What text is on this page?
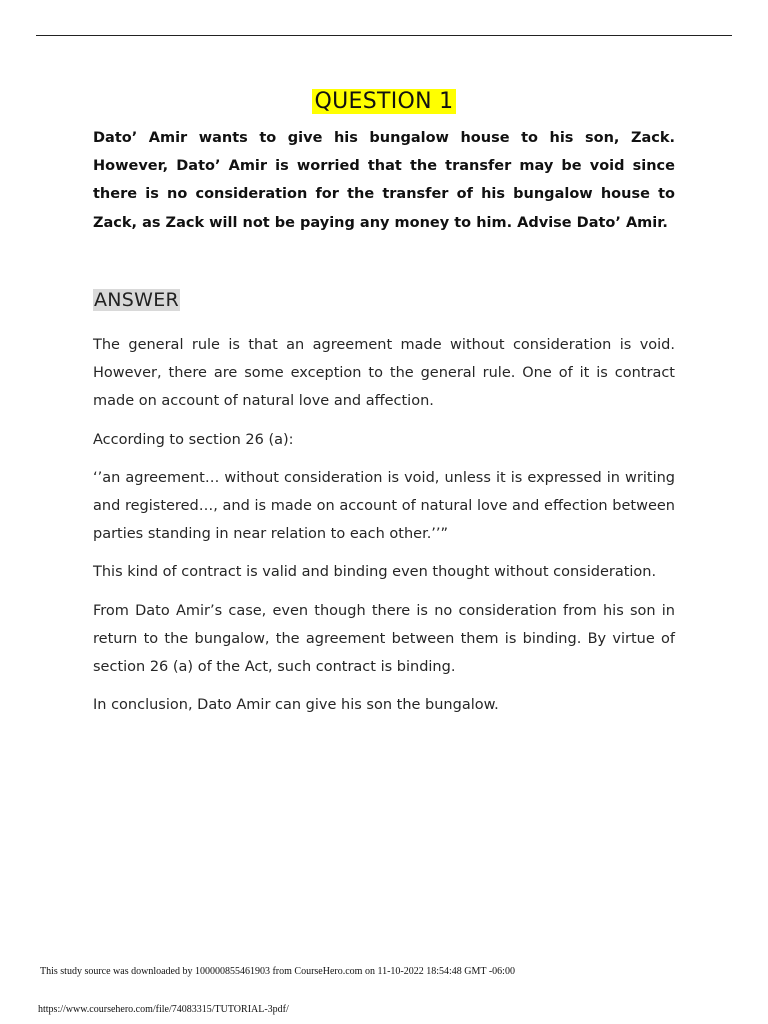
QUESTION 1
Dato’ Amir wants to give his bungalow house to his son, Zack. However, Dato’ Amir is worried that the transfer may be void since there is no consideration for the transfer of his bungalow house to Zack, as Zack will not be paying any money to him. Advise Dato’ Amir.
ANSWER

The general rule is that an agreement made without consideration is void. However, there are some exception to the general rule. One of it is contract made on account of natural love and affection.

According to section 26 (a):

‘’an agreement… without consideration is void, unless it is expressed in writing and registered…, and is made on account of natural love and effection between parties standing in near relation to each other.’’”

This kind of contract is valid and binding even thought without consideration.

From Dato Amir’s case, even though there is no consideration from his son in return to the bungalow, the agreement between them is binding. By virtue of section 26 (a) of the Act, such contract is binding.

In conclusion, Dato Amir can give his son the bungalow.

This study source was downloaded by 100000855461903 from CourseHero.com on 11-10-2022 18:54:48 GMT -06:00
https://www.coursehero.com/file/74083315/TUTORIAL-3pdf/
